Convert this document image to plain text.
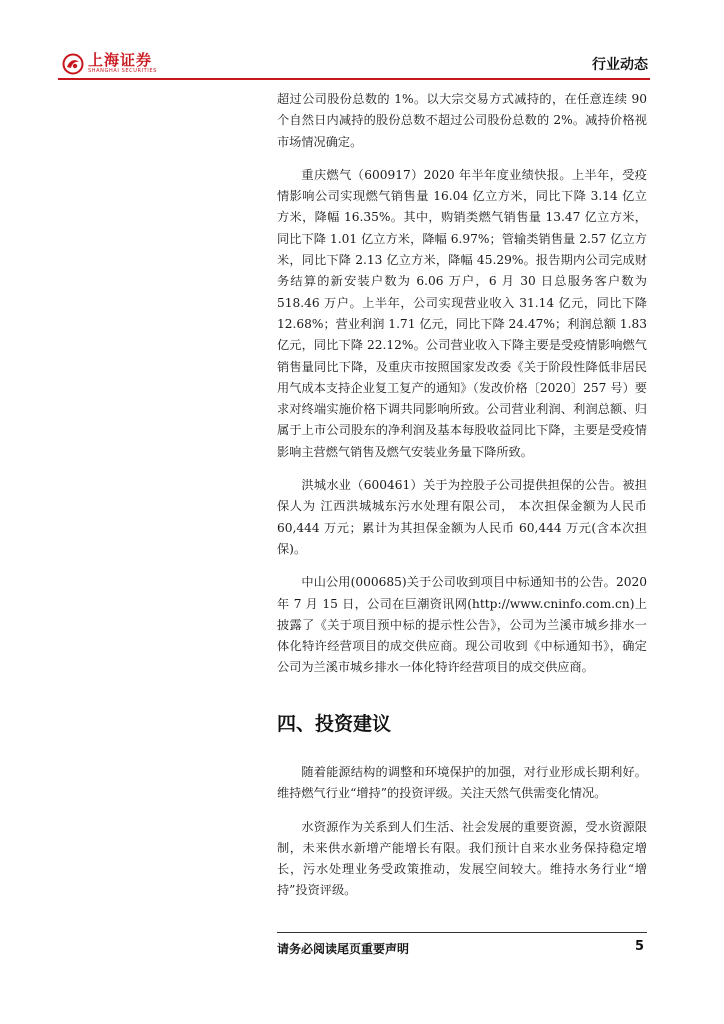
上海证券
SHANGHAI SECURITIES	行业动态

超过公司股份总数的 1%。以大宗交易方式减持的，在任意连续 90 个自然日内减持的股份总数不超过公司股份总数的 2%。减持价格视市场情况确定。

重庆燃气（600917）2020 年半年度业绩快报。上半年，受疫情影响公司实现燃气销售量 16.04 亿立方米，同比下降 3.14 亿立方米，降幅 16.35%。其中，购销类燃气销售量 13.47 亿立方米，同比下降 1.01 亿立方米，降幅 6.97%；管输类销售量 2.57 亿立方米，同比下降 2.13 亿立方米，降幅 45.29%。报告期内公司完成财务结算的新安装户数为 6.06 万户，6 月 30 日总服务客户数为 518.46 万户。上半年，公司实现营业收入 31.14 亿元，同比下降 12.68%；营业利润 1.71 亿元，同比下降 24.47%；利润总额 1.83 亿元，同比下降 22.12%。公司营业收入下降主要是受疫情影响燃气销售量同比下降，及重庆市按照国家发改委《关于阶段性降低非居民用气成本支持企业复工复产的通知》（发改价格〔2020〕257 号）要求对终端实施价格下调共同影响所致。公司营业利润、利润总额、归属于上市公司股东的净利润及基本每股收益同比下降，主要是受疫情影响主营燃气销售及燃气安装业务量下降所致。

洪城水业（600461）关于为控股子公司提供担保的公告。被担保人为 江西洪城城东污水处理有限公司， 本次担保金额为人民币 60,444 万元；累计为其担保金额为人民币 60,444 万元(含本次担保)。

中山公用(000685)关于公司收到项目中标通知书的公告。2020 年 7 月 15 日，公司在巨潮资讯网(http://www.cninfo.com.cn)上披露了《关于项目预中标的提示性公告》，公司为兰溪市城乡排水一体化特许经营项目的成交供应商。现公司收到《中标通知书》，确定公司为兰溪市城乡排水一体化特许经营项目的成交供应商。

四、投资建议

随着能源结构的调整和环境保护的加强，对行业形成长期利好。维持燃气行业“增持”的投资评级。关注天然气供需变化情况。

水资源作为关系到人们生活、社会发展的重要资源，受水资源限制，未来供水新增产能增长有限。我们预计自来水业务保持稳定增长，污水处理业务受政策推动，发展空间较大。维持水务行业“增持”投资评级。

请务必阅读尾页重要声明	5
